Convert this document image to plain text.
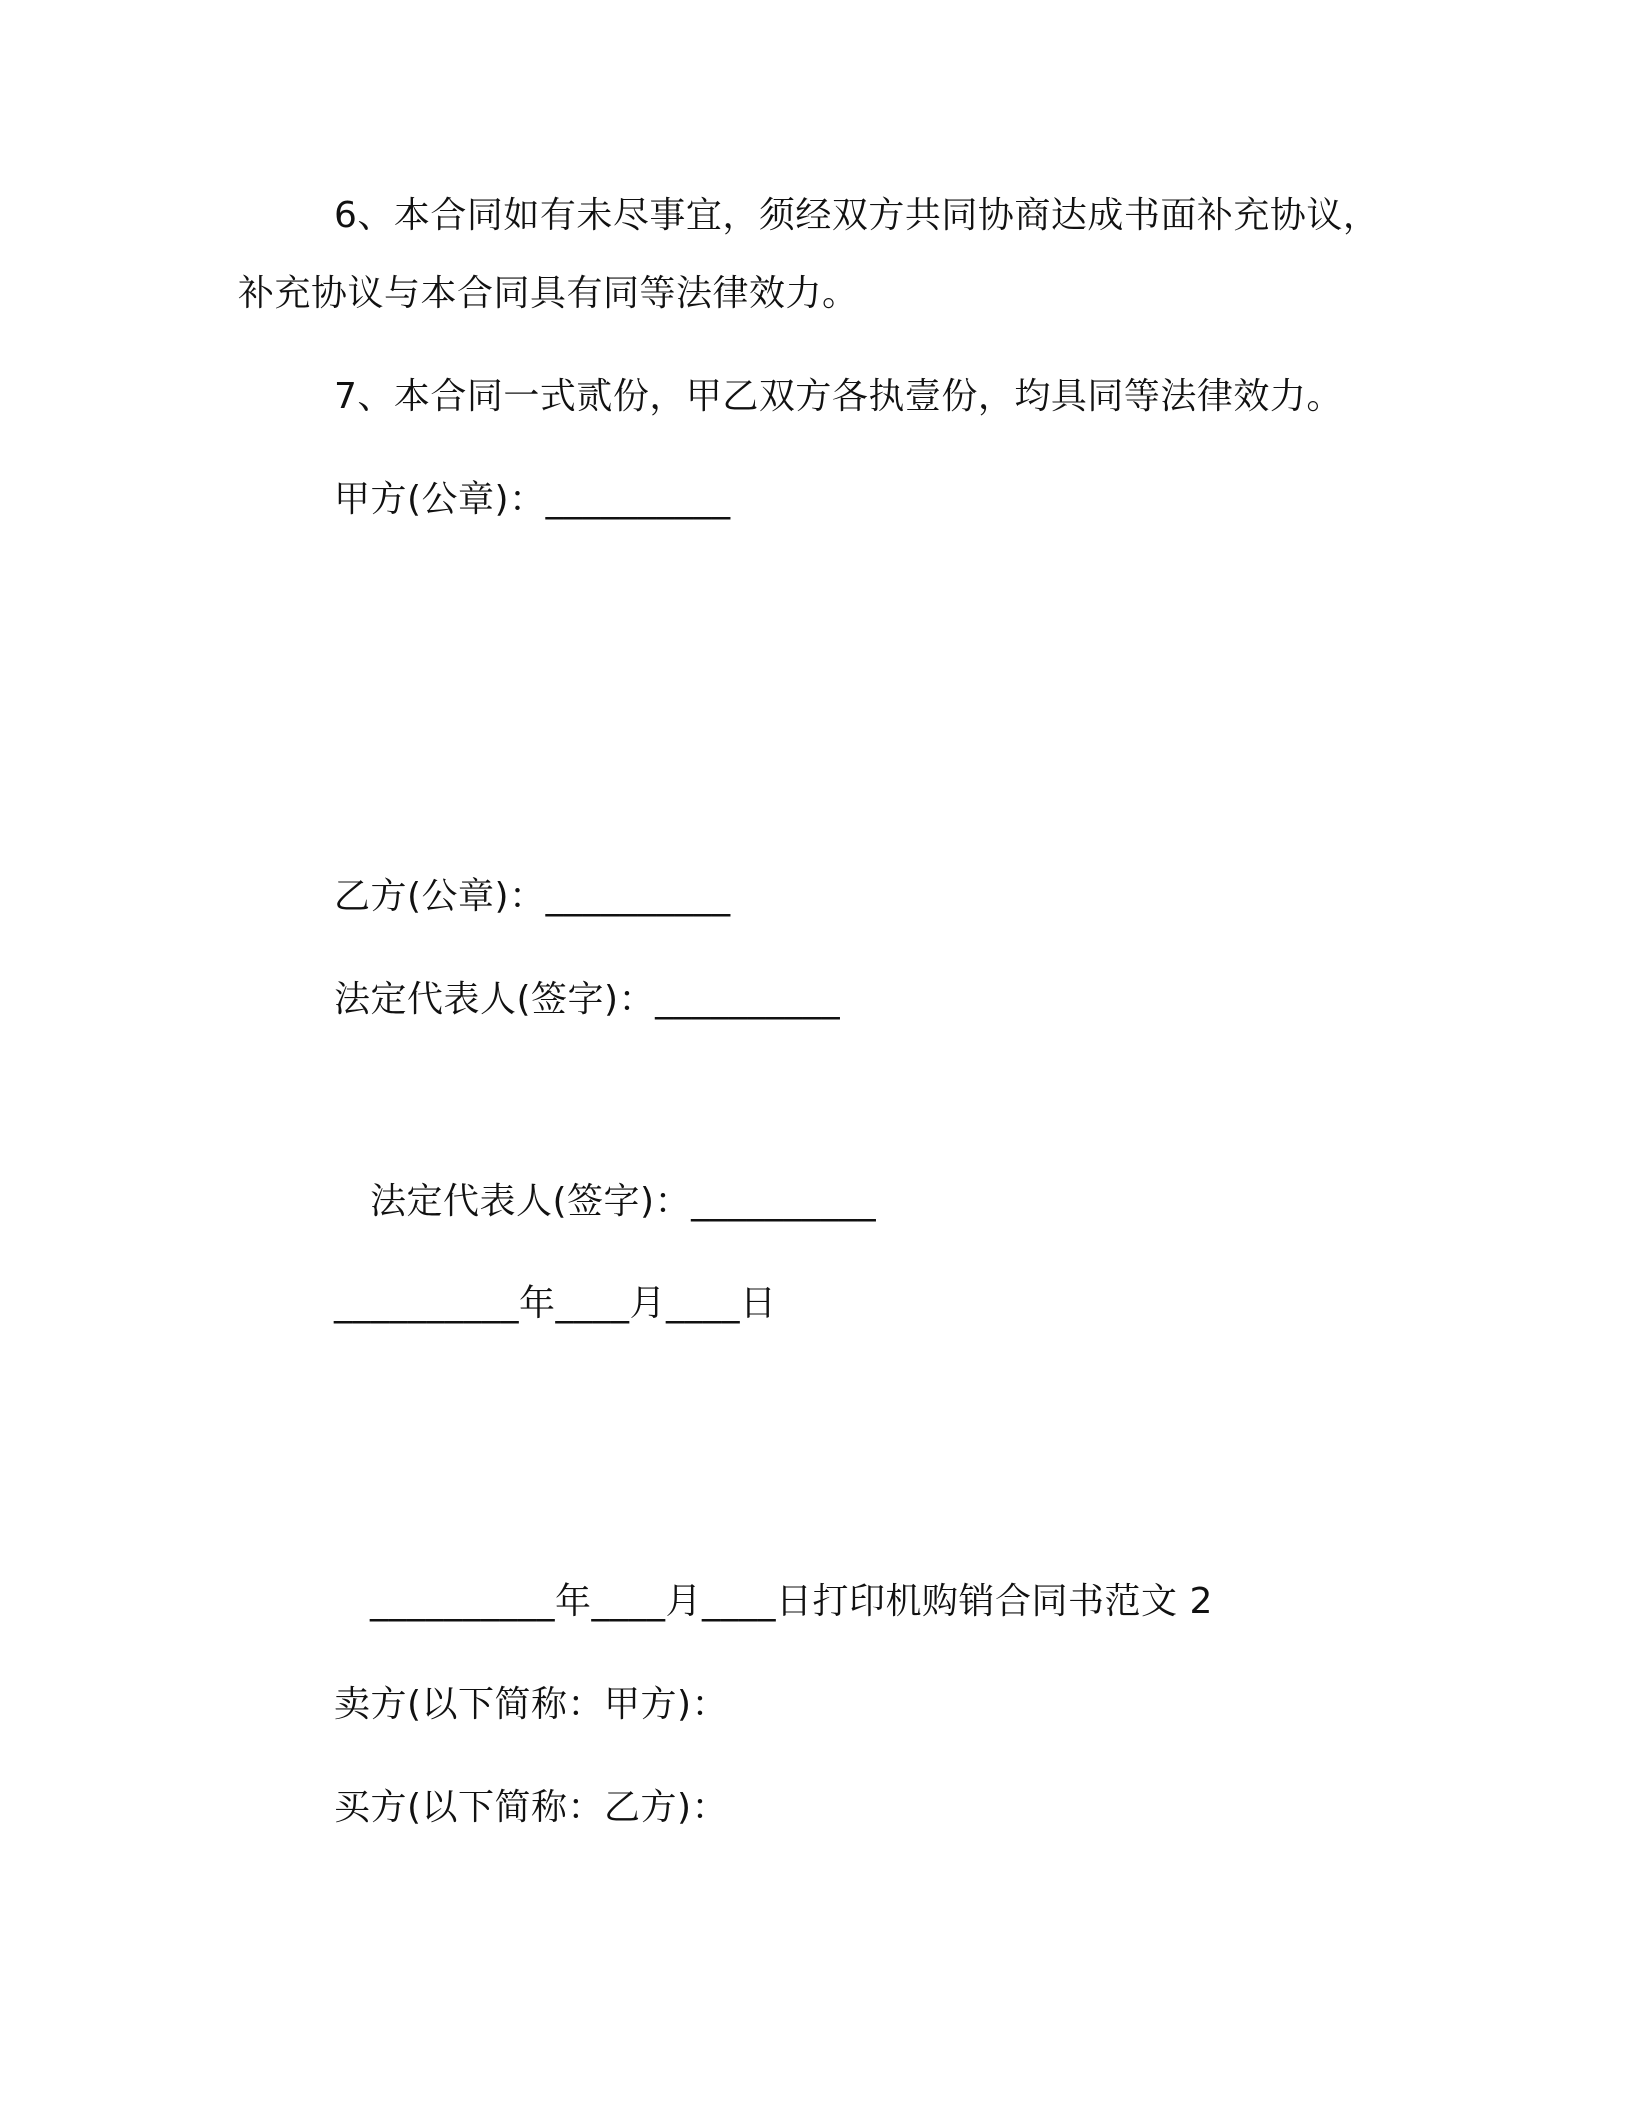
6、本合同如有未尽事宜，须经双方共同协商达成书面补充协议，
补充协议与本合同具有同等法律效力。
7、本合同一式贰份，甲乙双方各执壹份，均具同等法律效力。
甲方(公章)：__________
乙方(公章)：__________
法定代表人(签字)：__________
法定代表人(签字)：__________
__________年____月____日
__________年____月____日打印机购销合同书范文 2
卖方(以下简称：甲方)：
买方(以下简称：乙方)：
